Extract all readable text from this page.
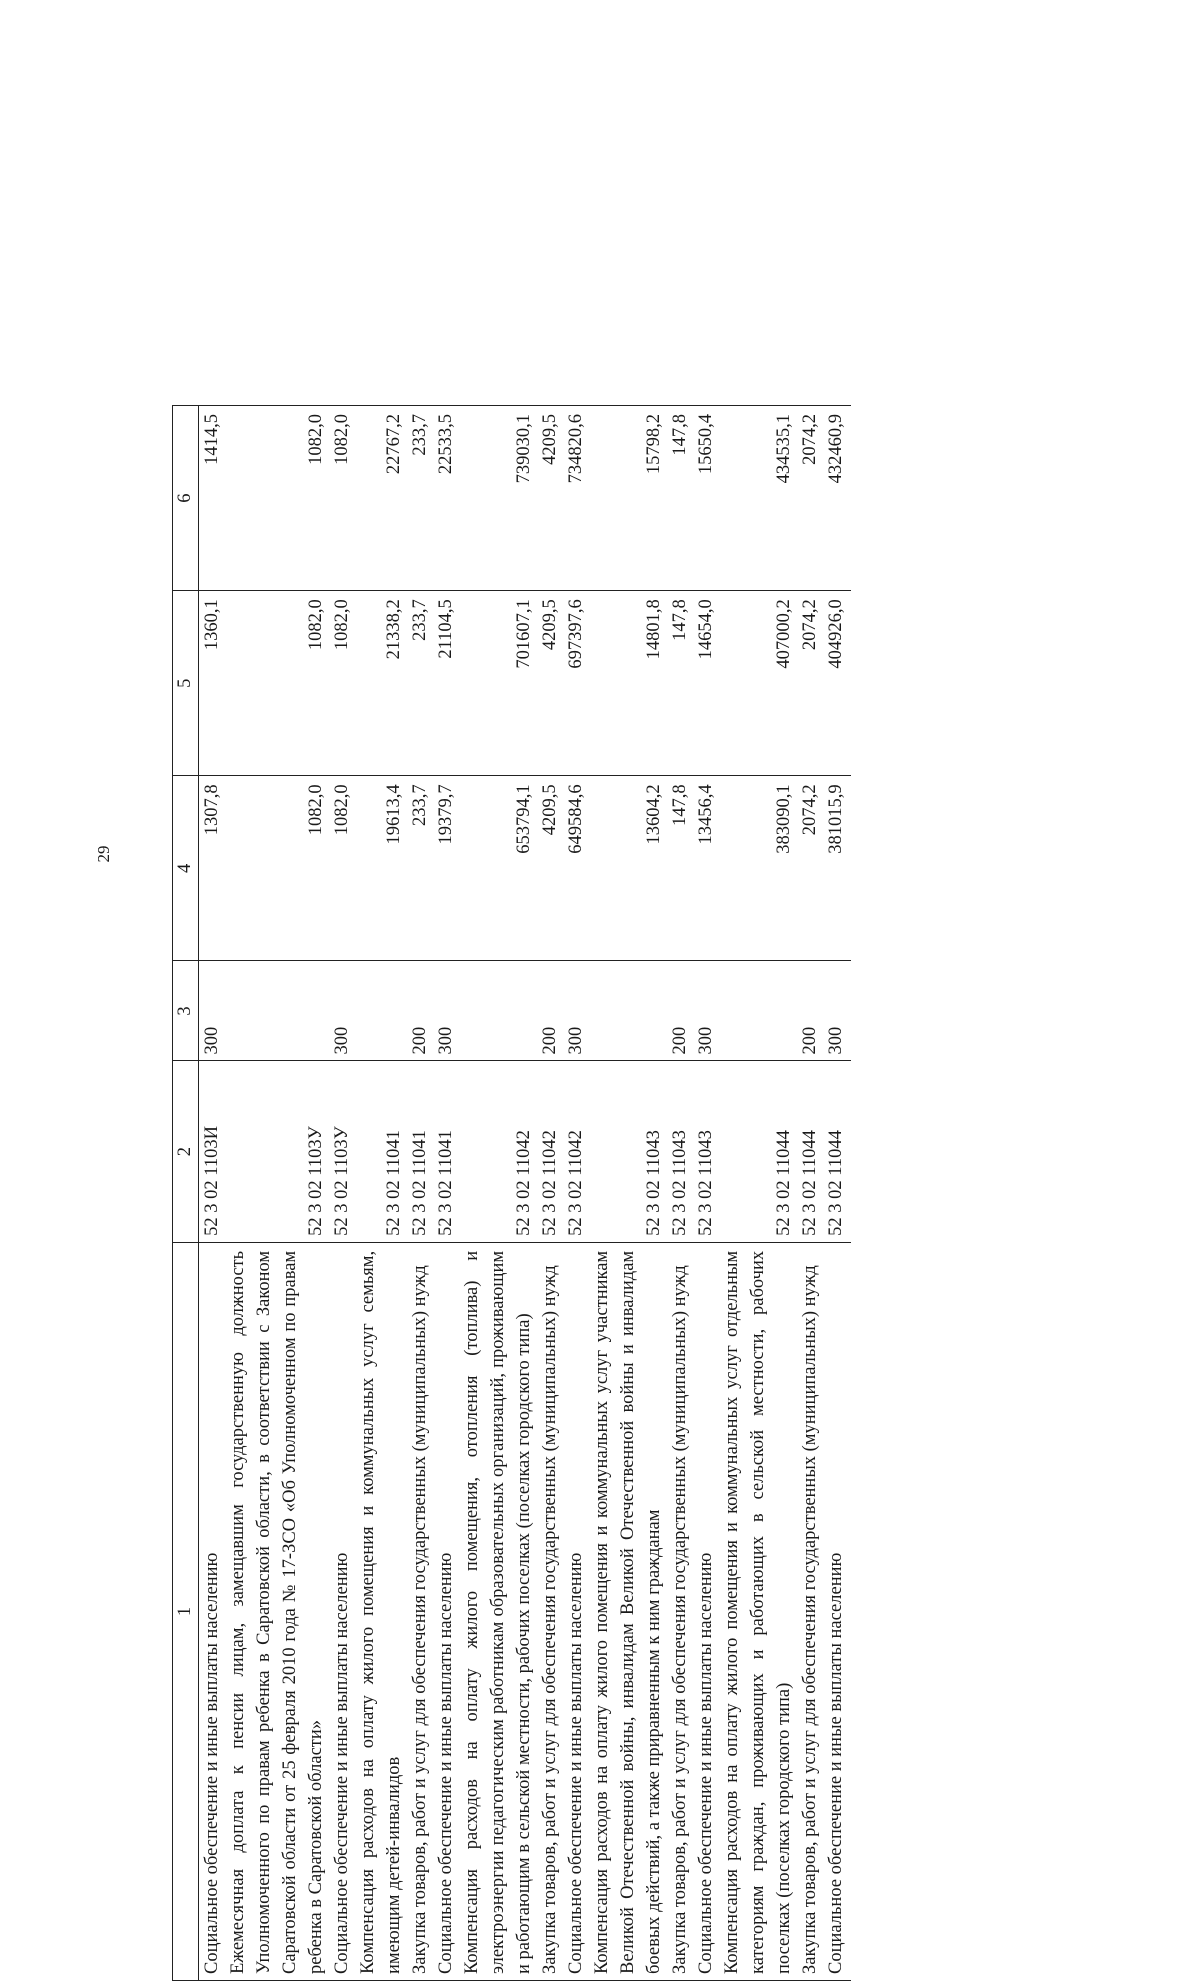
29
1	2	3	4	5	6
Социальное обеспечение и иные выплаты населению	52 3 02 1103И	300	1307,8	1360,1	1414,5
Ежемесячная доплата к пенсии лицам, замещавшим государственную должность Уполномоченного по правам ребенка в Саратовской области, в соответствии с Законом Саратовской области от 25 февраля 2010 года № 17-ЗСО «Об Уполномоченном по правам ребенка в Саратовской области»	52 3 02 1103У		1082,0	1082,0	1082,0
Социальное обеспечение и иные выплаты населению	52 3 02 1103У	300	1082,0	1082,0	1082,0
Компенсация расходов на оплату жилого помещения и коммунальных услуг семьям, имеющим детей-инвалидов	52 3 02 11041		19613,4	21338,2	22767,2
Закупка товаров, работ и услуг для обеспечения государственных (муниципальных) нужд	52 3 02 11041	200	233,7	233,7	233,7
Социальное обеспечение и иные выплаты населению	52 3 02 11041	300	19379,7	21104,5	22533,5
Компенсация расходов на оплату жилого помещения, отопления (топлива) и электроэнергии педагогическим работникам образовательных организаций, проживающим и работающим в сельской местности, рабочих поселках (поселках городского типа)	52 3 02 11042		653794,1	701607,1	739030,1
Закупка товаров, работ и услуг для обеспечения государственных (муниципальных) нужд	52 3 02 11042	200	4209,5	4209,5	4209,5
Социальное обеспечение и иные выплаты населению	52 3 02 11042	300	649584,6	697397,6	734820,6
Компенсация расходов на оплату жилого помещения и коммунальных услуг участникам Великой Отечественной войны, инвалидам Великой Отечественной войны и инвалидам боевых действий, а также приравненным к ним гражданам	52 3 02 11043		13604,2	14801,8	15798,2
Закупка товаров, работ и услуг для обеспечения государственных (муниципальных) нужд	52 3 02 11043	200	147,8	147,8	147,8
Социальное обеспечение и иные выплаты населению	52 3 02 11043	300	13456,4	14654,0	15650,4
Компенсация расходов на оплату жилого помещения и коммунальных услуг отдельным категориям граждан, проживающих и работающих в сельской местности, рабочих поселках (поселках городского типа)	52 3 02 11044		383090,1	407000,2	434535,1
Закупка товаров, работ и услуг для обеспечения государственных (муниципальных) нужд	52 3 02 11044	200	2074,2	2074,2	2074,2
Социальное обеспечение и иные выплаты населению	52 3 02 11044	300	381015,9	404926,0	432460,9
